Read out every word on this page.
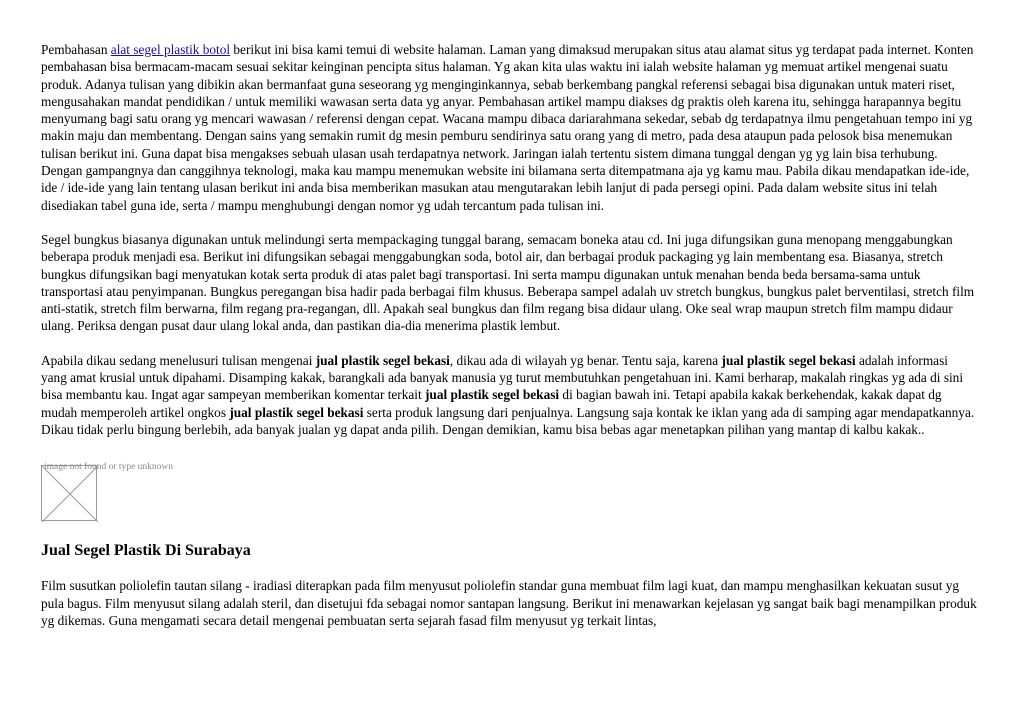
Pembahasan alat segel plastik botol berikut ini bisa kami temui di website halaman. Laman yang dimaksud merupakan situs atau alamat situs yg terdapat pada internet. Konten pembahasan bisa bermacam-macam sesuai sekitar keinginan pencipta situs halaman. Yg akan kita ulas waktu ini ialah website halaman yg memuat artikel mengenai suatu produk. Adanya tulisan yang dibikin akan bermanfaat guna seseorang yg menginginkannya, sebab berkembang pangkal referensi sebagai bisa digunakan untuk materi riset, mengusahakan mandat pendidikan / untuk memiliki wawasan serta data yg anyar. Pembahasan artikel mampu diakses dg praktis oleh karena itu, sehingga harapannya begitu menyumang bagi satu orang yg mencari wawasan / referensi dengan cepat. Wacana mampu dibaca dariarahmana sekedar, sebab dg terdapatnya ilmu pengetahuan tempo ini yg makin maju dan membentang. Dengan sains yang semakin rumit dg mesin pemburu sendirinya satu orang yang di metro, pada desa ataupun pada pelosok bisa menemukan tulisan berikut ini. Guna dapat bisa mengakses sebuah ulasan usah terdapatnya network. Jaringan ialah tertentu sistem dimana tunggal dengan yg yg lain bisa terhubung. Dengan gampangnya dan canggihnya teknologi, maka kau mampu menemukan website ini bilamana serta ditempatmana aja yg kamu mau. Pabila dikau mendapatkan ide-ide, ide / ide-ide yang lain tentang ulasan berikut ini anda bisa memberikan masukan atau mengutarakan lebih lanjut di pada persegi opini. Pada dalam website situs ini telah disediakan tabel guna ide, serta / mampu menghubungi dengan nomor yg udah tercantum pada tulisan ini.

Segel bungkus biasanya digunakan untuk melindungi serta mempackaging tunggal barang, semacam boneka atau cd. Ini juga difungsikan guna menopang menggabungkan beberapa produk menjadi esa. Berikut ini difungsikan sebagai menggabungkan soda, botol air, dan berbagai produk packaging yg lain membentang esa. Biasanya, stretch bungkus difungsikan bagi menyatukan kotak serta produk di atas palet bagi transportasi. Ini serta mampu digunakan untuk menahan benda beda bersama-sama untuk transportasi atau penyimpanan. Bungkus peregangan bisa hadir pada berbagai film khusus. Beberapa sampel adalah uv stretch bungkus, bungkus palet berventilasi, stretch film anti-statik, stretch film berwarna, film regang pra-regangan, dll. Apakah seal bungkus dan film regang bisa didaur ulang. Oke seal wrap maupun stretch film mampu didaur ulang. Periksa dengan pusat daur ulang lokal anda, dan pastikan dia-dia menerima plastik lembut.

Apabila dikau sedang menelusuri tulisan mengenai jual plastik segel bekasi, dikau ada di wilayah yg benar. Tentu saja, karena jual plastik segel bekasi adalah informasi yang amat krusial untuk dipahami. Disamping kakak, barangkali ada banyak manusia yg turut membutuhkan pengetahuan ini. Kami berharap, makalah ringkas yg ada di sini bisa membantu kau. Ingat agar sampeyan memberikan komentar terkait jual plastik segel bekasi di bagian bawah ini. Tetapi apabila kakak berkehendak, kakak dapat dg mudah memperoleh artikel ongkos jual plastik segel bekasi serta produk langsung dari penjualnya. Langsung saja kontak ke iklan yang ada di samping agar mendapatkannya. Dikau tidak perlu bingung berlebih, ada banyak jualan yg dapat anda pilih. Dengan demikian, kamu bisa bebas agar menetapkan pilihan yang mantap di kalbu kakak..

image not found or type unknown
Jual Segel Plastik Di Surabaya

Film susutkan poliolefin tautan silang - iradiasi diterapkan pada film menyusut poliolefin standar guna membuat film lagi kuat, dan mampu menghasilkan kekuatan susut yg pula bagus. Film menyusut silang adalah steril, dan disetujui fda sebagai nomor santapan langsung. Berikut ini menawarkan kejelasan yg sangat baik bagi menampilkan produk yg dikemas. Guna mengamati secara detail mengenai pembuatan serta sejarah fasad film menyusut yg terkait lintas,
